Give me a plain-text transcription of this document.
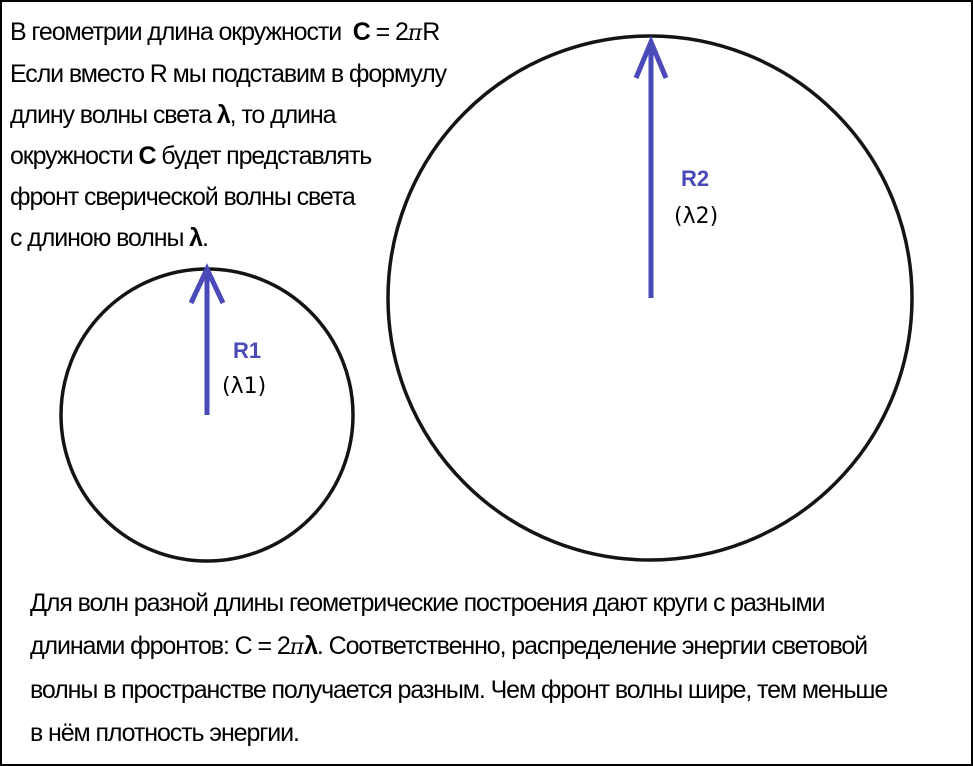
R1
(λ1)
R2
(λ2)
В геометрии длина окружности  С = 2πR
Если вместо R мы подставим в формулу
длину волны света λ, то длина
окружности С будет представлять
фронт сверической волны света
с длиною волны λ.
Для волн разной длины геометрические построения дают круги с разными
длинами фронтов: С = 2πλ. Соответственно, распределение энергии световой
волны в пространстве получается разным. Чем фронт волны шире, тем меньше
в нём плотность энергии.
